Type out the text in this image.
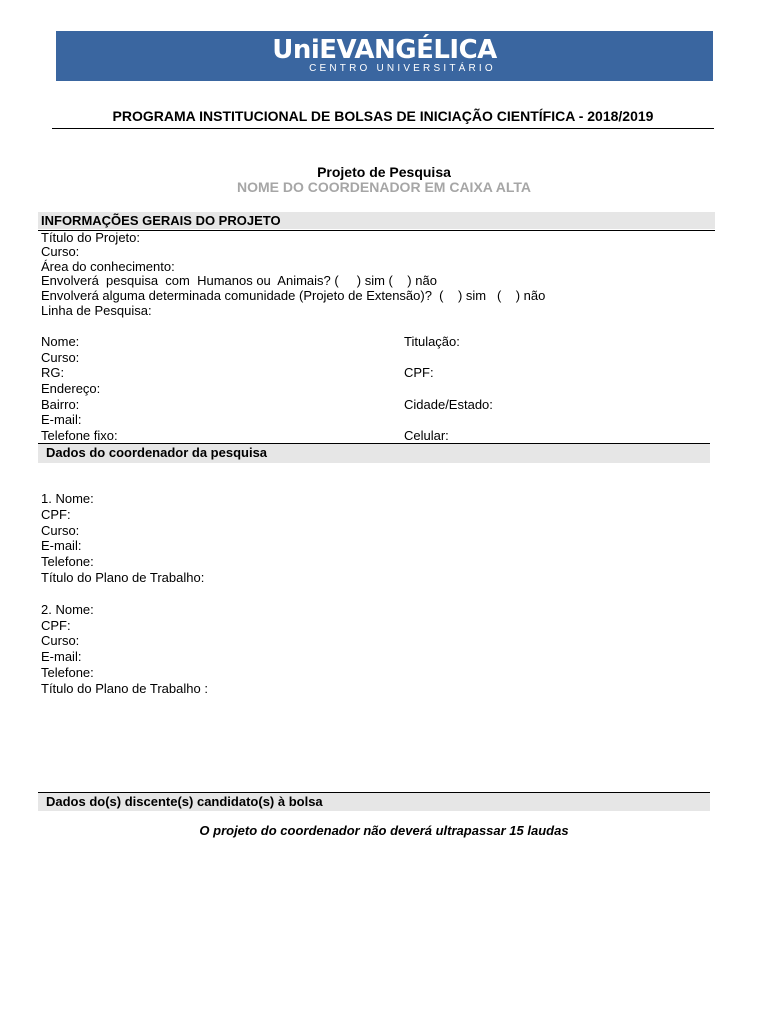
UniEVANGÉLICA
CENTRO UNIVERSITÁRIO
PROGRAMA INSTITUCIONAL DE BOLSAS DE INICIAÇÃO CIENTÍFICA - 2018/2019
Projeto de Pesquisa
NOME DO COORDENADOR EM CAIXA ALTA
INFORMAÇÕES GERAIS DO PROJETO
Título do Projeto:
Curso:
Área do conhecimento:
Envolverá  pesquisa  com  Humanos ou  Animais? (     ) sim (    ) não
Envolverá alguma determinada comunidade (Projeto de Extensão)?  (    ) sim   (    ) não
Linha de Pesquisa:
Nome:
Curso:
RG:
Endereço:
Bairro:
E-mail:
Telefone fixo:
Titulação:
CPF:
Cidade/Estado:
Celular:
Dados do coordenador da pesquisa
1. Nome:
CPF:
Curso:
E-mail:
Telefone:
Título do Plano de Trabalho:
2. Nome:
CPF:
Curso:
E-mail:
Telefone:
Título do Plano de Trabalho :
Dados do(s) discente(s) candidato(s) à bolsa
O projeto do coordenador não deverá ultrapassar 15 laudas
